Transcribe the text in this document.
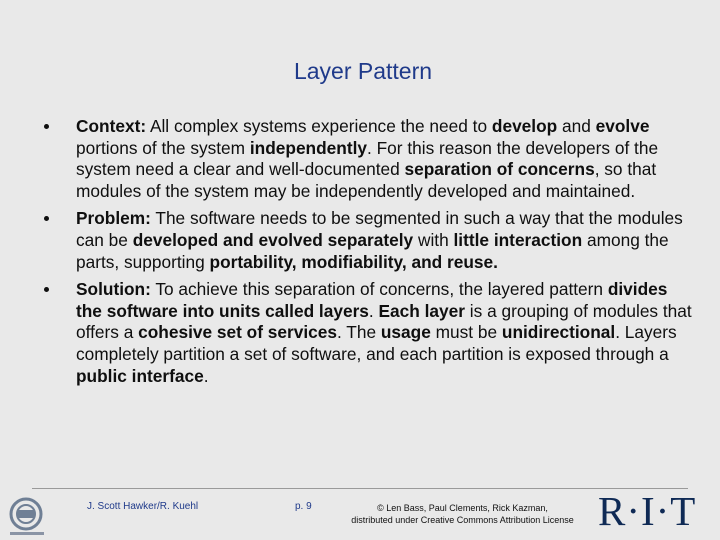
Layer Pattern
Context: All complex systems experience the need to develop and evolve portions of the system independently. For this reason the developers of the system need a clear and well-documented separation of concerns, so that modules of the system may be independently developed and maintained.
Problem: The software needs to be segmented in such a way that the modules can be developed and evolved separately with little interaction among the parts, supporting portability, modifiability, and reuse.
Solution: To achieve this separation of concerns, the layered pattern divides the software into units called layers. Each layer is a grouping of modules that offers a cohesive set of services. The usage must be unidirectional. Layers completely partition a set of software, and each partition is exposed through a public interface.
J. Scott Hawker/R. Kuehl	p. 9	© Len Bass, Paul Clements, Rick Kazman,
distributed under Creative Commons Attribution License R·I·T
